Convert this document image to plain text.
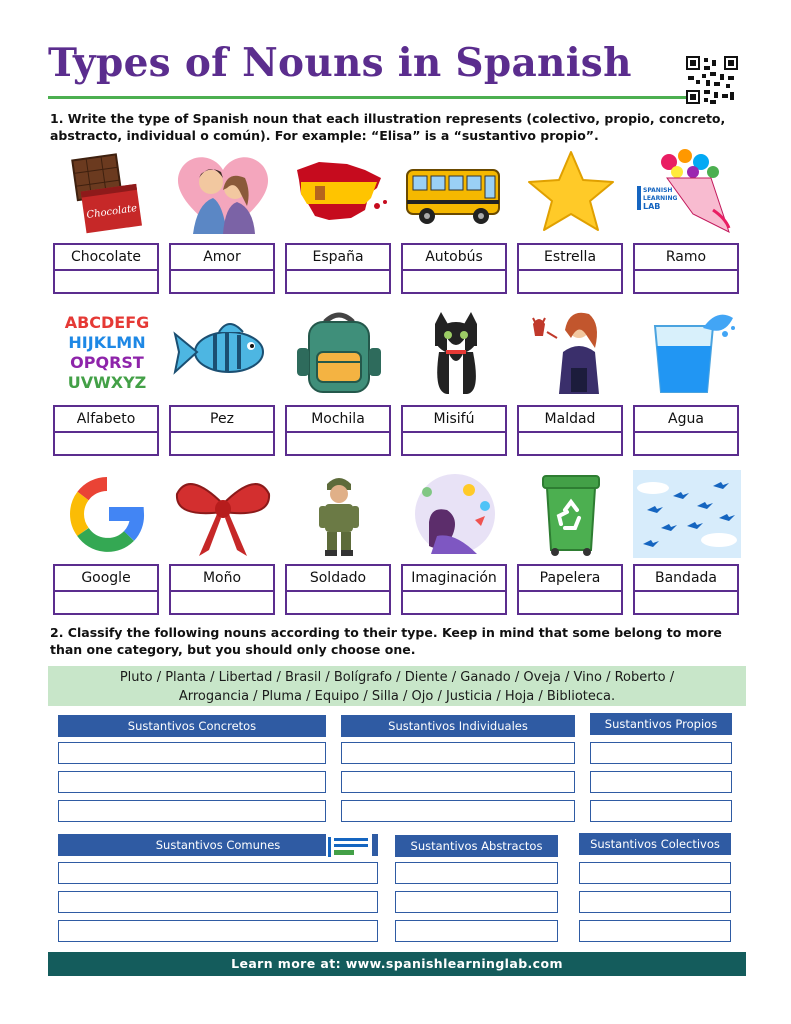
Types of Nouns in Spanish
1. Write the type of Spanish noun that each illustration represents (colectivo, propio, concreto, abstracto, individual o común). For example: “Elisa” is a “sustantivo propio”.
Chocolate
SPANISH
LEARNING
LAB
ABCDEFG
HIJKLMN
OPQRST
UVWXYZ
Chocolate	Amor	España	Autobús	Estrella	Ramo
Alfabeto	Pez	Mochila	Misifú	Maldad	Agua
Google	Moño	Soldado	Imaginación	Papelera	Bandada
2. Classify the following nouns according to their type. Keep in mind that some belong to more than one category, but you should only choose one.
Pluto / Planta / Libertad / Brasil / Bolígrafo / Diente / Ganado / Oveja / Vino / Roberto /
Arrogancia / Pluma / Equipo / Silla / Ojo / Justicia / Hoja / Biblioteca.
Sustantivos Concretos	Sustantivos Individuales	Sustantivos Propios
Sustantivos Comunes	Sustantivos Abstractos	Sustantivos Colectivos
Learn more at: www.spanishlearninglab.com
